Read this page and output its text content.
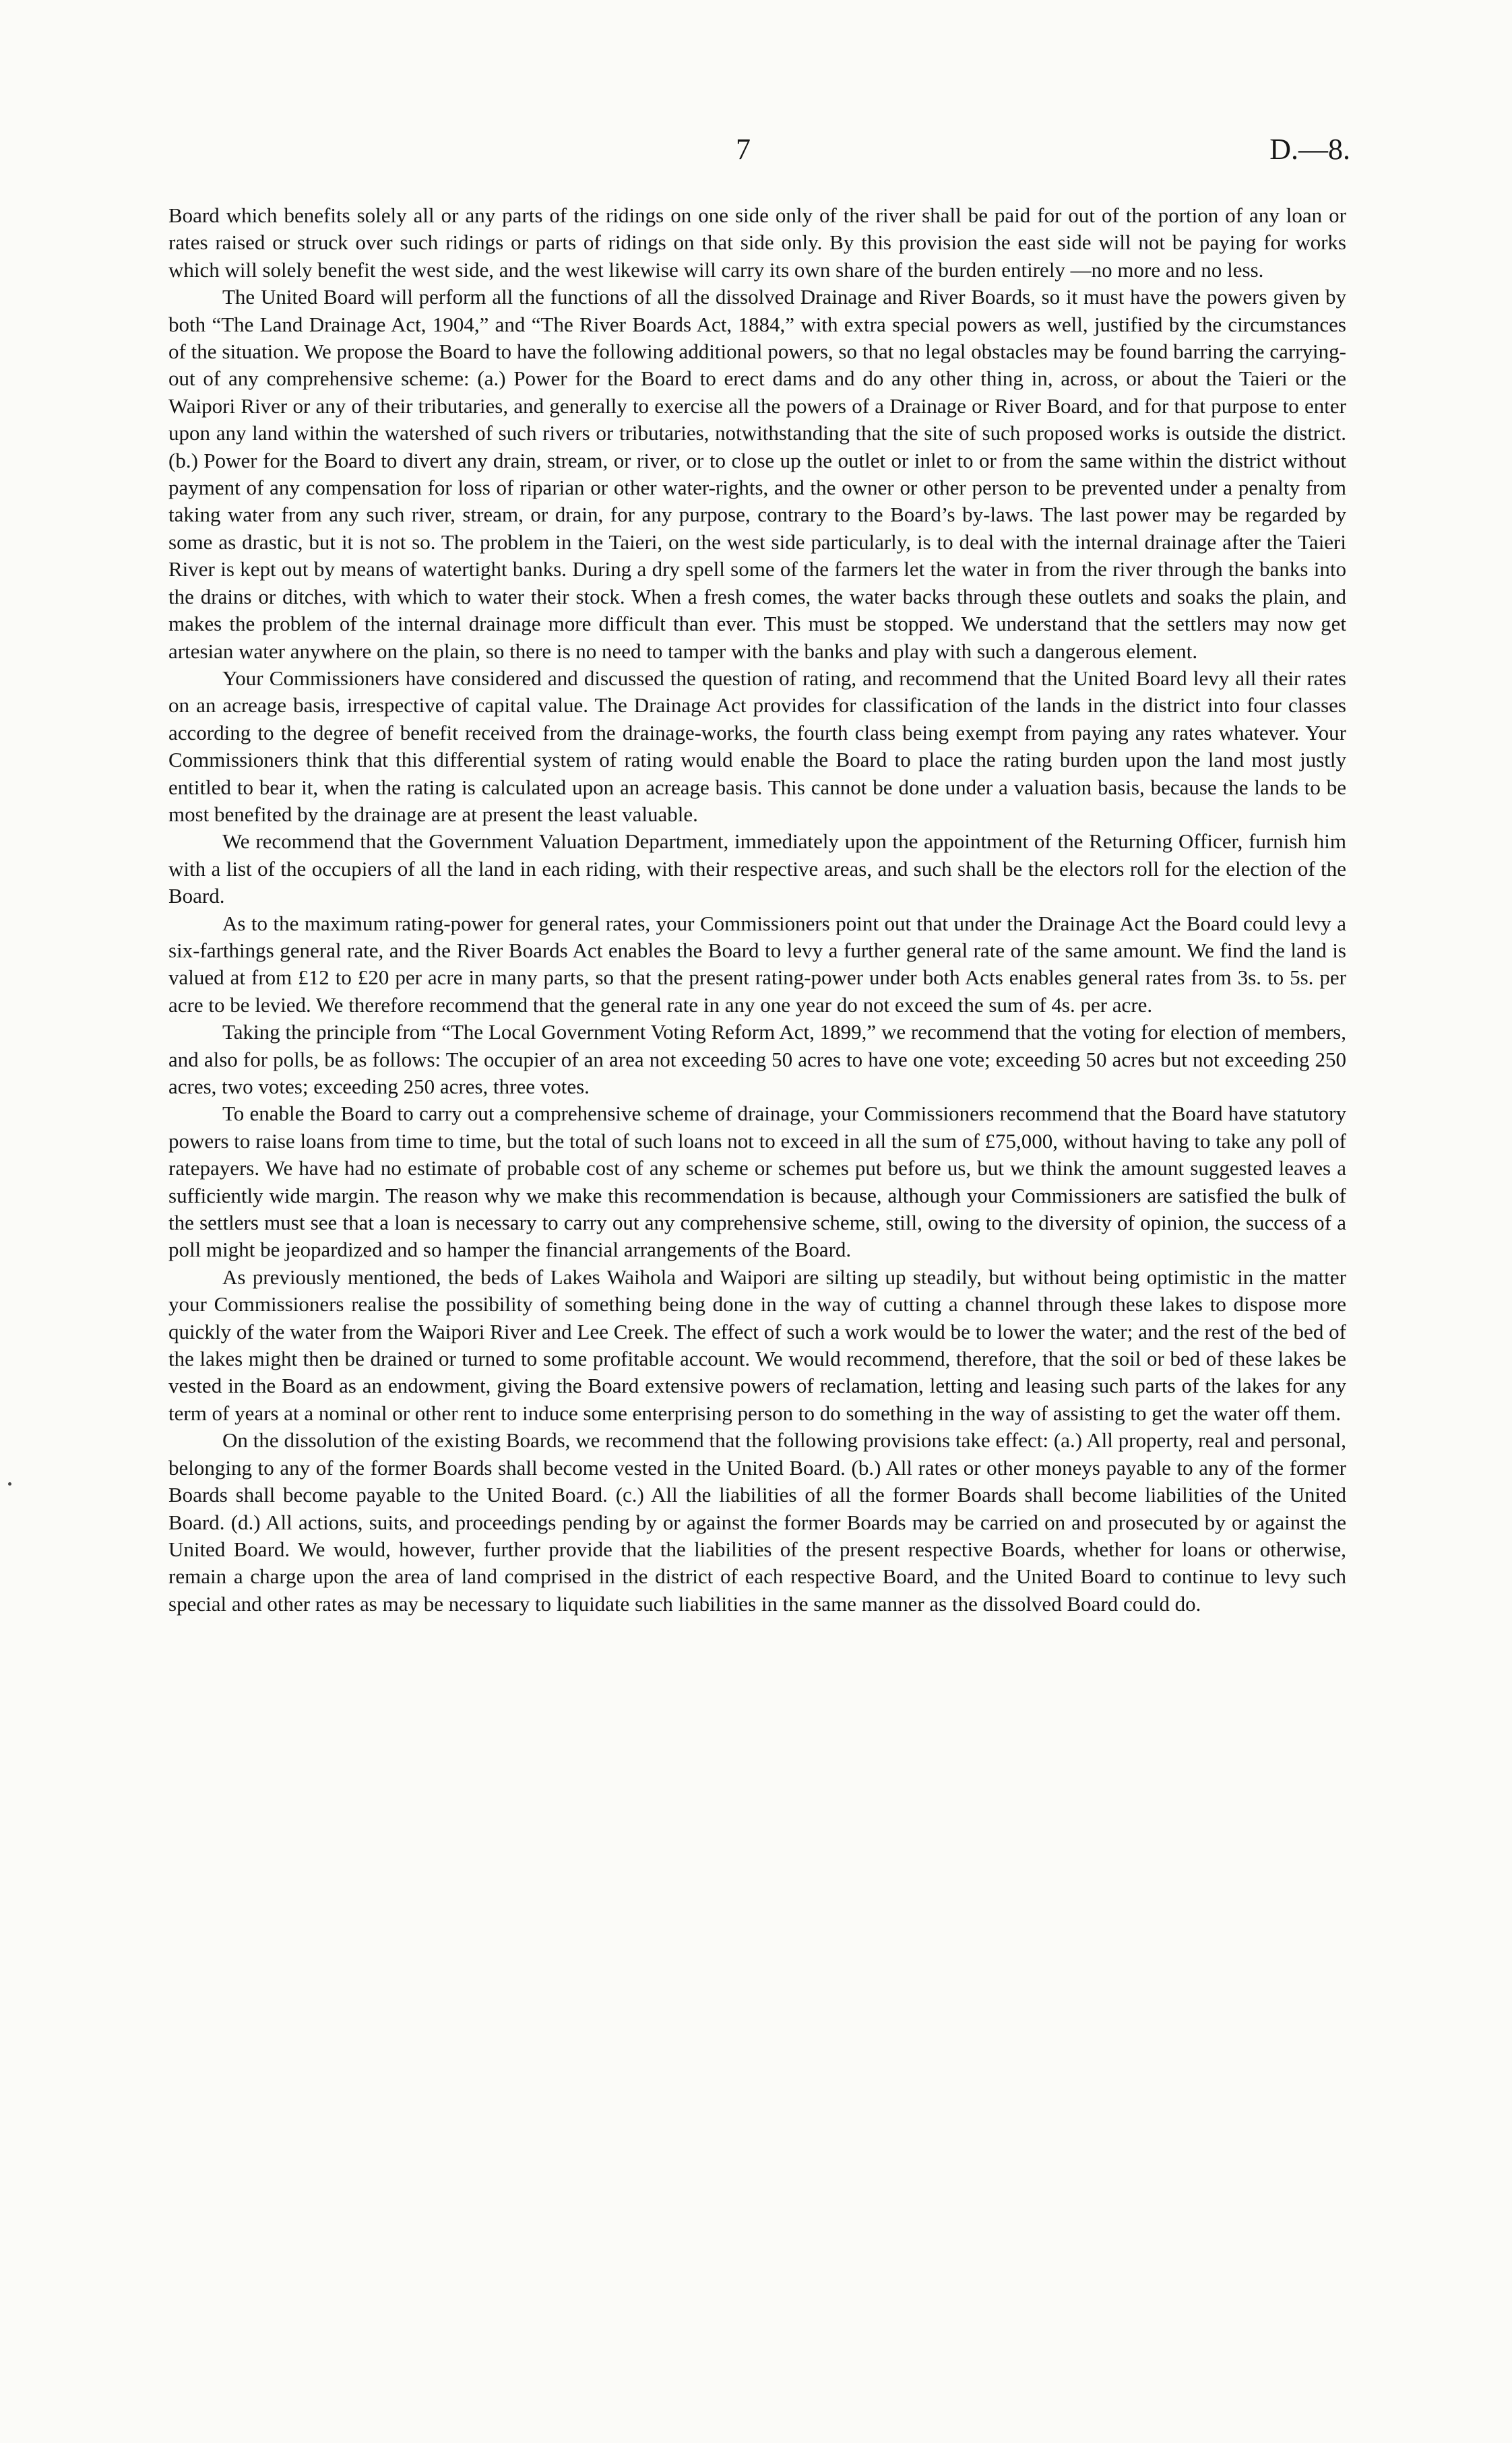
7	D.—8.

Board which benefits solely all or any parts of the ridings on one side only of the river shall be paid for out of the portion of any loan or rates raised or struck over such ridings or parts of ridings on that side only. By this provision the east side will not be paying for works which will solely benefit the west side, and the west likewise will carry its own share of the burden entirely —no more and no less.

The United Board will perform all the functions of all the dissolved Drainage and River Boards, so it must have the powers given by both “The Land Drainage Act, 1904,” and “The River Boards Act, 1884,” with extra special powers as well, justified by the circumstances of the situation. We propose the Board to have the following additional powers, so that no legal obstacles may be found barring the carrying-out of any comprehensive scheme: (a.) Power for the Board to erect dams and do any other thing in, across, or about the Taieri or the Waipori River or any of their tributaries, and generally to exercise all the powers of a Drainage or River Board, and for that purpose to enter upon any land within the watershed of such rivers or tributaries, notwithstanding that the site of such proposed works is outside the district. (b.) Power for the Board to divert any drain, stream, or river, or to close up the outlet or inlet to or from the same within the district without payment of any compensation for loss of riparian or other water-rights, and the owner or other person to be prevented under a penalty from taking water from any such river, stream, or drain, for any purpose, contrary to the Board’s by-laws. The last power may be regarded by some as drastic, but it is not so. The problem in the Taieri, on the west side particularly, is to deal with the internal drainage after the Taieri River is kept out by means of watertight banks. During a dry spell some of the farmers let the water in from the river through the banks into the drains or ditches, with which to water their stock. When a fresh comes, the water backs through these outlets and soaks the plain, and makes the problem of the internal drainage more difficult than ever. This must be stopped. We understand that the settlers may now get artesian water anywhere on the plain, so there is no need to tamper with the banks and play with such a dangerous element.

Your Commissioners have considered and discussed the question of rating, and recommend that the United Board levy all their rates on an acreage basis, irrespective of capital value. The Drainage Act provides for classification of the lands in the district into four classes according to the degree of benefit received from the drainage-works, the fourth class being exempt from paying any rates whatever. Your Commissioners think that this differential system of rating would enable the Board to place the rating burden upon the land most justly entitled to bear it, when the rating is calculated upon an acreage basis. This cannot be done under a valuation basis, because the lands to be most benefited by the drainage are at present the least valuable.

We recommend that the Government Valuation Department, immediately upon the appointment of the Returning Officer, furnish him with a list of the occupiers of all the land in each riding, with their respective areas, and such shall be the electors roll for the election of the Board.

As to the maximum rating-power for general rates, your Commissioners point out that under the Drainage Act the Board could levy a six-farthings general rate, and the River Boards Act enables the Board to levy a further general rate of the same amount. We find the land is valued at from £12 to £20 per acre in many parts, so that the present rating-power under both Acts enables general rates from 3s. to 5s. per acre to be levied. We therefore recommend that the general rate in any one year do not exceed the sum of 4s. per acre.

Taking the principle from “The Local Government Voting Reform Act, 1899,” we recommend that the voting for election of members, and also for polls, be as follows: The occupier of an area not exceeding 50 acres to have one vote; exceeding 50 acres but not exceeding 250 acres, two votes; exceeding 250 acres, three votes.

To enable the Board to carry out a comprehensive scheme of drainage, your Commissioners recommend that the Board have statutory powers to raise loans from time to time, but the total of such loans not to exceed in all the sum of £75,000, without having to take any poll of ratepayers. We have had no estimate of probable cost of any scheme or schemes put before us, but we think the amount suggested leaves a sufficiently wide margin. The reason why we make this recommendation is because, although your Commissioners are satisfied the bulk of the settlers must see that a loan is necessary to carry out any comprehensive scheme, still, owing to the diversity of opinion, the success of a poll might be jeopardized and so hamper the financial arrangements of the Board.

As previously mentioned, the beds of Lakes Waihola and Waipori are silting up steadily, but without being optimistic in the matter your Commissioners realise the possibility of something being done in the way of cutting a channel through these lakes to dispose more quickly of the water from the Waipori River and Lee Creek. The effect of such a work would be to lower the water; and the rest of the bed of the lakes might then be drained or turned to some profitable account. We would recommend, therefore, that the soil or bed of these lakes be vested in the Board as an endowment, giving the Board extensive powers of reclamation, letting and leasing such parts of the lakes for any term of years at a nominal or other rent to induce some enterprising person to do something in the way of assisting to get the water off them.

On the dissolution of the existing Boards, we recommend that the following provisions take effect: (a.) All property, real and personal, belonging to any of the former Boards shall become vested in the United Board. (b.) All rates or other moneys payable to any of the former Boards shall become payable to the United Board. (c.) All the liabilities of all the former Boards shall become liabilities of the United Board. (d.) All actions, suits, and proceedings pending by or against the former Boards may be carried on and prosecuted by or against the United Board. We would, however, further provide that the liabilities of the present respective Boards, whether for loans or otherwise, remain a charge upon the area of land comprised in the district of each respective Board, and the United Board to continue to levy such special and other rates as may be necessary to liquidate such liabilities in the same manner as the dissolved Board could do.
